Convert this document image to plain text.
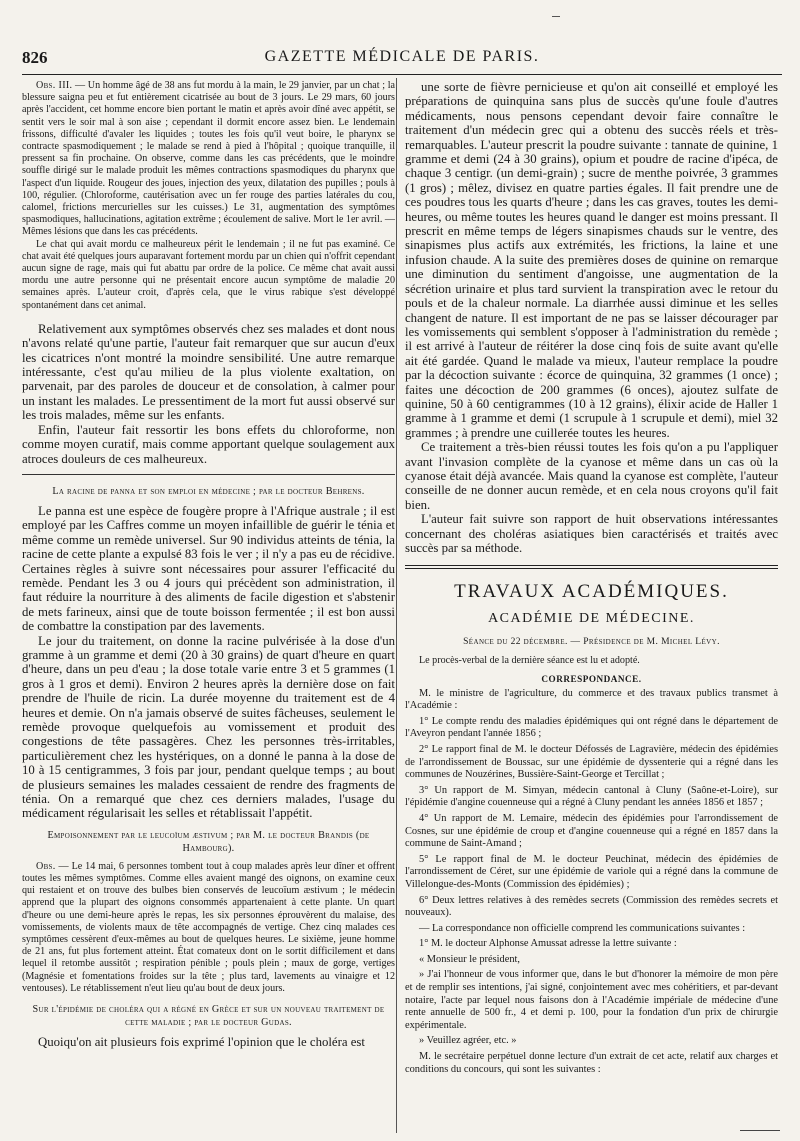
826	GAZETTE MÉDICALE DE PARIS.

Obs. III. — Un homme âgé de 38 ans fut mordu à la main, le 29 janvier, par un chat ; la blessure saigna peu et fut entièrement cicatrisée au bout de 3 jours. Le 29 mars, 60 jours après l'accident, cet homme encore bien portant le matin et après avoir dîné avec appétit, se sentit vers le soir mal à son aise ; cependant il dormit encore assez bien. Le lendemain frissons, difficulté d'avaler les liquides ; toutes les fois qu'il veut boire, le pharynx se contracte spasmodiquement ; le malade se rend à pied à l'hôpital ; quoique tranquille, il pressent sa fin prochaine. On observe, comme dans les cas précédents, que le moindre souffle dirigé sur le malade produit les mêmes contractions spasmodiques du pharynx que l'aspect d'un liquide. Rougeur des joues, injection des yeux, dilatation des pupilles ; pouls à 100, régulier. (Chloroforme, cautérisation avec un fer rouge des parties latérales du cou, calomel, frictions mercurielles sur les cuisses.) Le 31, augmentation des symptômes spasmodiques, hallucinations, agitation extrême ; écoulement de salive. Mort le 1er avril. — Mêmes lésions que dans les cas précédents.

Le chat qui avait mordu ce malheureux périt le lendemain ; il ne fut pas examiné. Ce chat avait été quelques jours auparavant fortement mordu par un chien qui n'offrit cependant aucun signe de rage, mais qui fut abattu par ordre de la police. Ce même chat avait aussi mordu une autre personne qui ne présentait encore aucun symptôme de maladie 20 semaines après. L'auteur croit, d'après cela, que le virus rabique s'est développé spontanément dans cet animal.

Relativement aux symptômes observés chez ses malades et dont nous n'avons relaté qu'une partie, l'auteur fait remarquer que sur aucun d'eux les cicatrices n'ont montré la moindre sensibilité. Une autre remarque intéressante, c'est qu'au milieu de la plus violente exaltation, on parvenait, par des paroles de douceur et de consolation, à calmer pour un instant les malades. Le pressentiment de la mort fut aussi observé sur les trois malades, même sur les enfants.

Enfin, l'auteur fait ressortir les bons effets du chloroforme, non comme moyen curatif, mais comme apportant quelque soulagement aux atroces douleurs de ces malheureux.

La racine de panna et son emploi en médecine ; par le docteur Behrens.

Le panna est une espèce de fougère propre à l'Afrique australe ; il est employé par les Caffres comme un moyen infaillible de guérir le ténia et même comme un remède universel. Sur 90 individus atteints de ténia, la racine de cette plante a expulsé 83 fois le ver ; il n'y a pas eu de récidive. Certaines règles à suivre sont nécessaires pour assurer l'efficacité du remède. Pendant les 3 ou 4 jours qui précèdent son administration, il faut réduire la nourriture à des aliments de facile digestion et s'abstenir de mets farineux, ainsi que de toute boisson fermentée ; il est bon aussi de combattre la constipation par des lavements.

Le jour du traitement, on donne la racine pulvérisée à la dose d'un gramme à un gramme et demi (20 à 30 grains) de quart d'heure en quart d'heure, dans un peu d'eau ; la dose totale varie entre 3 et 5 grammes (1 gros à 1 gros et demi). Environ 2 heures après la dernière dose on fait prendre de l'huile de ricin. La durée moyenne du traitement est de 4 heures et demie. On n'a jamais observé de suites fâcheuses, seulement le remède provoque quelquefois au vomissement et produit des congestions de tête passagères. Chez les personnes très-irritables, particulièrement chez les hystériques, on a donné le panna à la dose de 10 à 15 centigrammes, 3 fois par jour, pendant quelque temps ; au bout de plusieurs semaines les malades cessaient de rendre des fragments de ténia. On a remarqué que chez ces derniers malades, l'usage du médicament régularisait les selles et rétablissait l'appétit.

Empoisonnement par le leucoïum æstivum ; par M. le docteur Brandis (de Hambourg).

Obs. — Le 14 mai, 6 personnes tombent tout à coup malades après leur dîner et offrent toutes les mêmes symptômes. Comme elles avaient mangé des oignons, on examine ceux qui restaient et on trouve des bulbes bien conservés de leucoïum æstivum ; le médecin apprend que la plupart des oignons consommés appartenaient à cette plante. Un quart d'heure ou une demi-heure après le repas, les six personnes éprouvèrent du malaise, des vomissements, de violents maux de tête accompagnés de vertige. Chez cinq malades ces symptômes cessèrent d'eux-mêmes au bout de quelques heures. Le sixième, jeune homme de 21 ans, fut plus fortement atteint. État comateux dont on le sortit difficilement et dans lequel il retombe aussitôt ; respiration pénible ; pouls plein ; maux de gorge, vertiges (Magnésie et fomentations froides sur la tête ; plus tard, lavements au vinaigre et 12 ventouses). Le rétablissement n'eut lieu qu'au bout de deux jours.

Sur l'épidémie de choléra qui a régné en Grèce et sur un nouveau traitement de cette maladie ; par le docteur Gudas.

Quoiqu'on ait plusieurs fois exprimé l'opinion que le choléra est

une sorte de fièvre pernicieuse et qu'on ait conseillé et employé les préparations de quinquina sans plus de succès qu'une foule d'autres médicaments, nous pensons cependant devoir faire connaître le traitement d'un médecin grec qui a obtenu des succès réels et très-remarquables. L'auteur prescrit la poudre suivante : tannate de quinine, 1 gramme et demi (24 à 30 grains), opium et poudre de racine d'ipéca, de chaque 3 centigr. (un demi-grain) ; sucre de menthe poivrée, 3 grammes (1 gros) ; mêlez, divisez en quatre parties égales. Il fait prendre une de ces poudres tous les quarts d'heure ; dans les cas graves, toutes les demi-heures, ou même toutes les heures quand le danger est moins pressant. Il prescrit en même temps de légers sinapismes chauds sur le ventre, des sinapismes plus actifs aux extrémités, les frictions, la laine et une infusion chaude. A la suite des premières doses de quinine on remarque une diminution du sentiment d'angoisse, une augmentation de la sécrétion urinaire et plus tard survient la transpiration avec le retour du pouls et de la chaleur normale. La diarrhée aussi diminue et les selles changent de nature. Il est important de ne pas se laisser décourager par les vomissements qui semblent s'opposer à l'administration du remède ; il est arrivé à l'auteur de réitérer la dose cinq fois de suite avant qu'elle ait été gardée. Quand le malade va mieux, l'auteur remplace la poudre par la décoction suivante : écorce de quinquina, 32 grammes (1 once) ; faites une décoction de 200 grammes (6 onces), ajoutez sulfate de quinine, 50 à 60 centigrammes (10 à 12 grains), élixir acide de Haller 1 gramme à 1 gramme et demi (1 scrupule à 1 scrupule et demi), miel 32 grammes ; à prendre une cuillerée toutes les heures.

Ce traitement a très-bien réussi toutes les fois qu'on a pu l'appliquer avant l'invasion complète de la cyanose et même dans un cas où la cyanose était déjà avancée. Mais quand la cyanose est complète, l'auteur conseille de ne donner aucun remède, et en cela nous croyons qu'il fait bien.

L'auteur fait suivre son rapport de huit observations intéressantes concernant des choléras asiatiques bien caractérisés et traités avec succès par sa méthode.

TRAVAUX ACADÉMIQUES.

ACADÉMIE DE MÉDECINE.

Séance du 22 décembre. — Présidence de M. Michel Lévy.

Le procès-verbal de la dernière séance est lu et adopté.

CORRESPONDANCE.

M. le ministre de l'agriculture, du commerce et des travaux publics transmet à l'Académie :

1° Le compte rendu des maladies épidémiques qui ont régné dans le département de l'Aveyron pendant l'année 1856 ;

2° Le rapport final de M. le docteur Défossés de Lagravière, médecin des épidémies de l'arrondissement de Boussac, sur une épidémie de dyssenterie qui a régné dans les communes de Nouzérines, Bussière-Saint-George et Tercillat ;

3° Un rapport de M. Simyan, médecin cantonal à Cluny (Saône-et-Loire), sur l'épidémie d'angine couenneuse qui a régné à Cluny pendant les années 1856 et 1857 ;

4° Un rapport de M. Lemaire, médecin des épidémies pour l'arrondissement de Cosnes, sur une épidémie de croup et d'angine couenneuse qui a régné en 1857 dans la commune de Saint-Amand ;

5° Le rapport final de M. le docteur Peuchinat, médecin des épidémies de l'arrondissement de Céret, sur une épidémie de variole qui a régné dans la commune de Villelongue-des-Monts (Commission des épidémies) ;

6° Deux lettres relatives à des remèdes secrets (Commission des remèdes secrets et nouveaux).

— La correspondance non officielle comprend les communications suivantes :

1° M. le docteur Alphonse Amussat adresse la lettre suivante :

« Monsieur le président,

» J'ai l'honneur de vous informer que, dans le but d'honorer la mémoire de mon père et de remplir ses intentions, j'ai signé, conjointement avec mes cohéritiers, et par-devant notaire, l'acte par lequel nous faisons don à l'Académie impériale de médecine d'une rente annuelle de 500 fr., 4 et demi p. 100, pour la fondation d'un prix de chirurgie expérimentale.

» Veuillez agréer, etc. »

M. le secrétaire perpétuel donne lecture d'un extrait de cet acte, relatif aux charges et conditions du concours, qui sont les suivantes :
